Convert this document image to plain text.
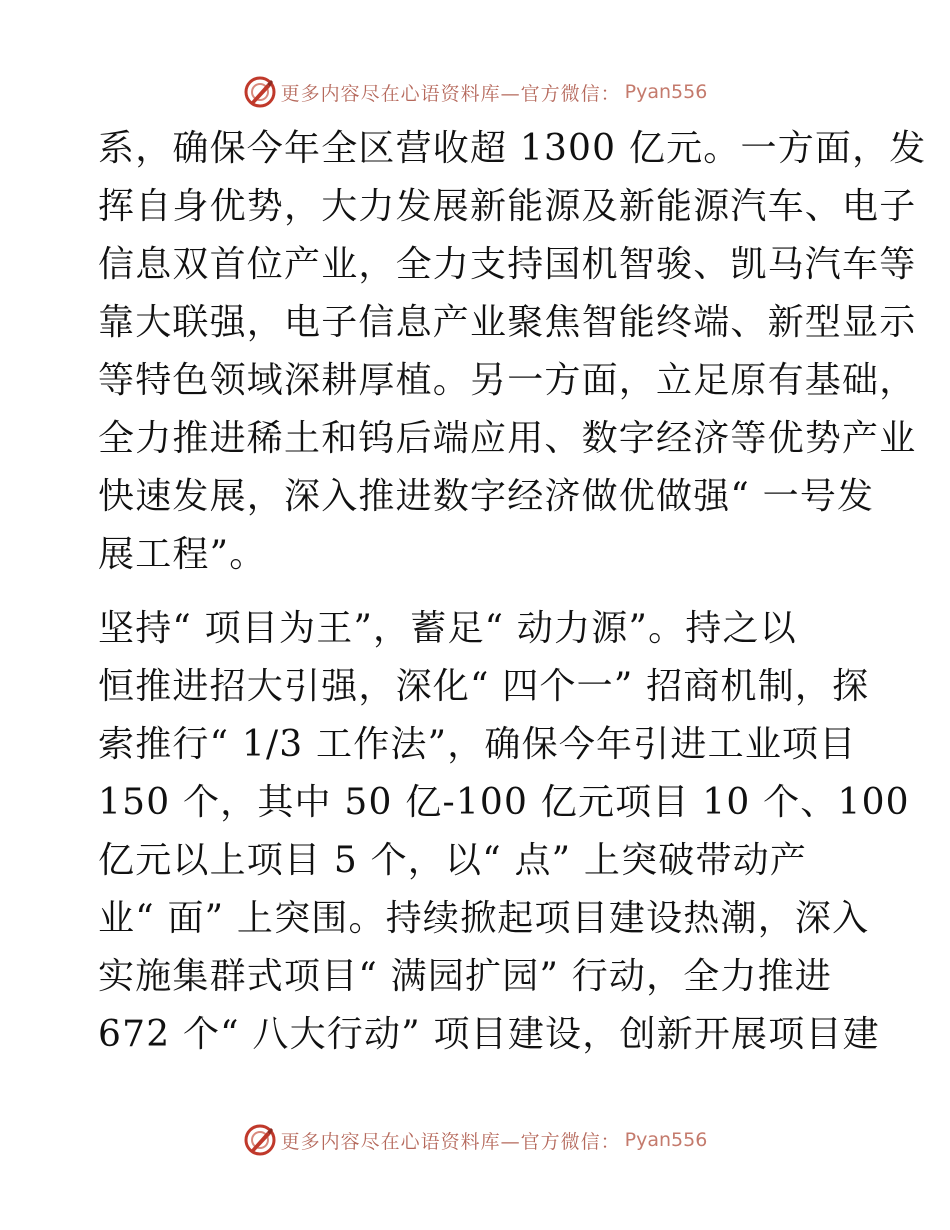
更多内容尽在心语资料库—官方微信： Pyan556
系，确保今年全区营收超 1300 亿元。一方面，发
挥自身优势，大力发展新能源及新能源汽车、电子
信息双首位产业，全力支持国机智骏、凯马汽车等
靠大联强，电子信息产业聚焦智能终端、新型显示
等特色领域深耕厚植。另一方面，立足原有基础，
全力推进稀土和钨后端应用、数字经济等优势产业
快速发展，深入推进数字经济做优做强“ 一号发
展工程”。
坚持“ 项目为王”，蓄足“ 动力源”。持之以
恒推进招大引强，深化“ 四个一” 招商机制，探
索推行“ 1/3 工作法”，确保今年引进工业项目
150 个，其中 50 亿-100 亿元项目 10 个、100
亿元以上项目 5 个，以“ 点” 上突破带动产
业“ 面” 上突围。持续掀起项目建设热潮，深入
实施集群式项目“ 满园扩园” 行动，全力推进
672 个“ 八大行动” 项目建设，创新开展项目建
更多内容尽在心语资料库—官方微信： Pyan556
